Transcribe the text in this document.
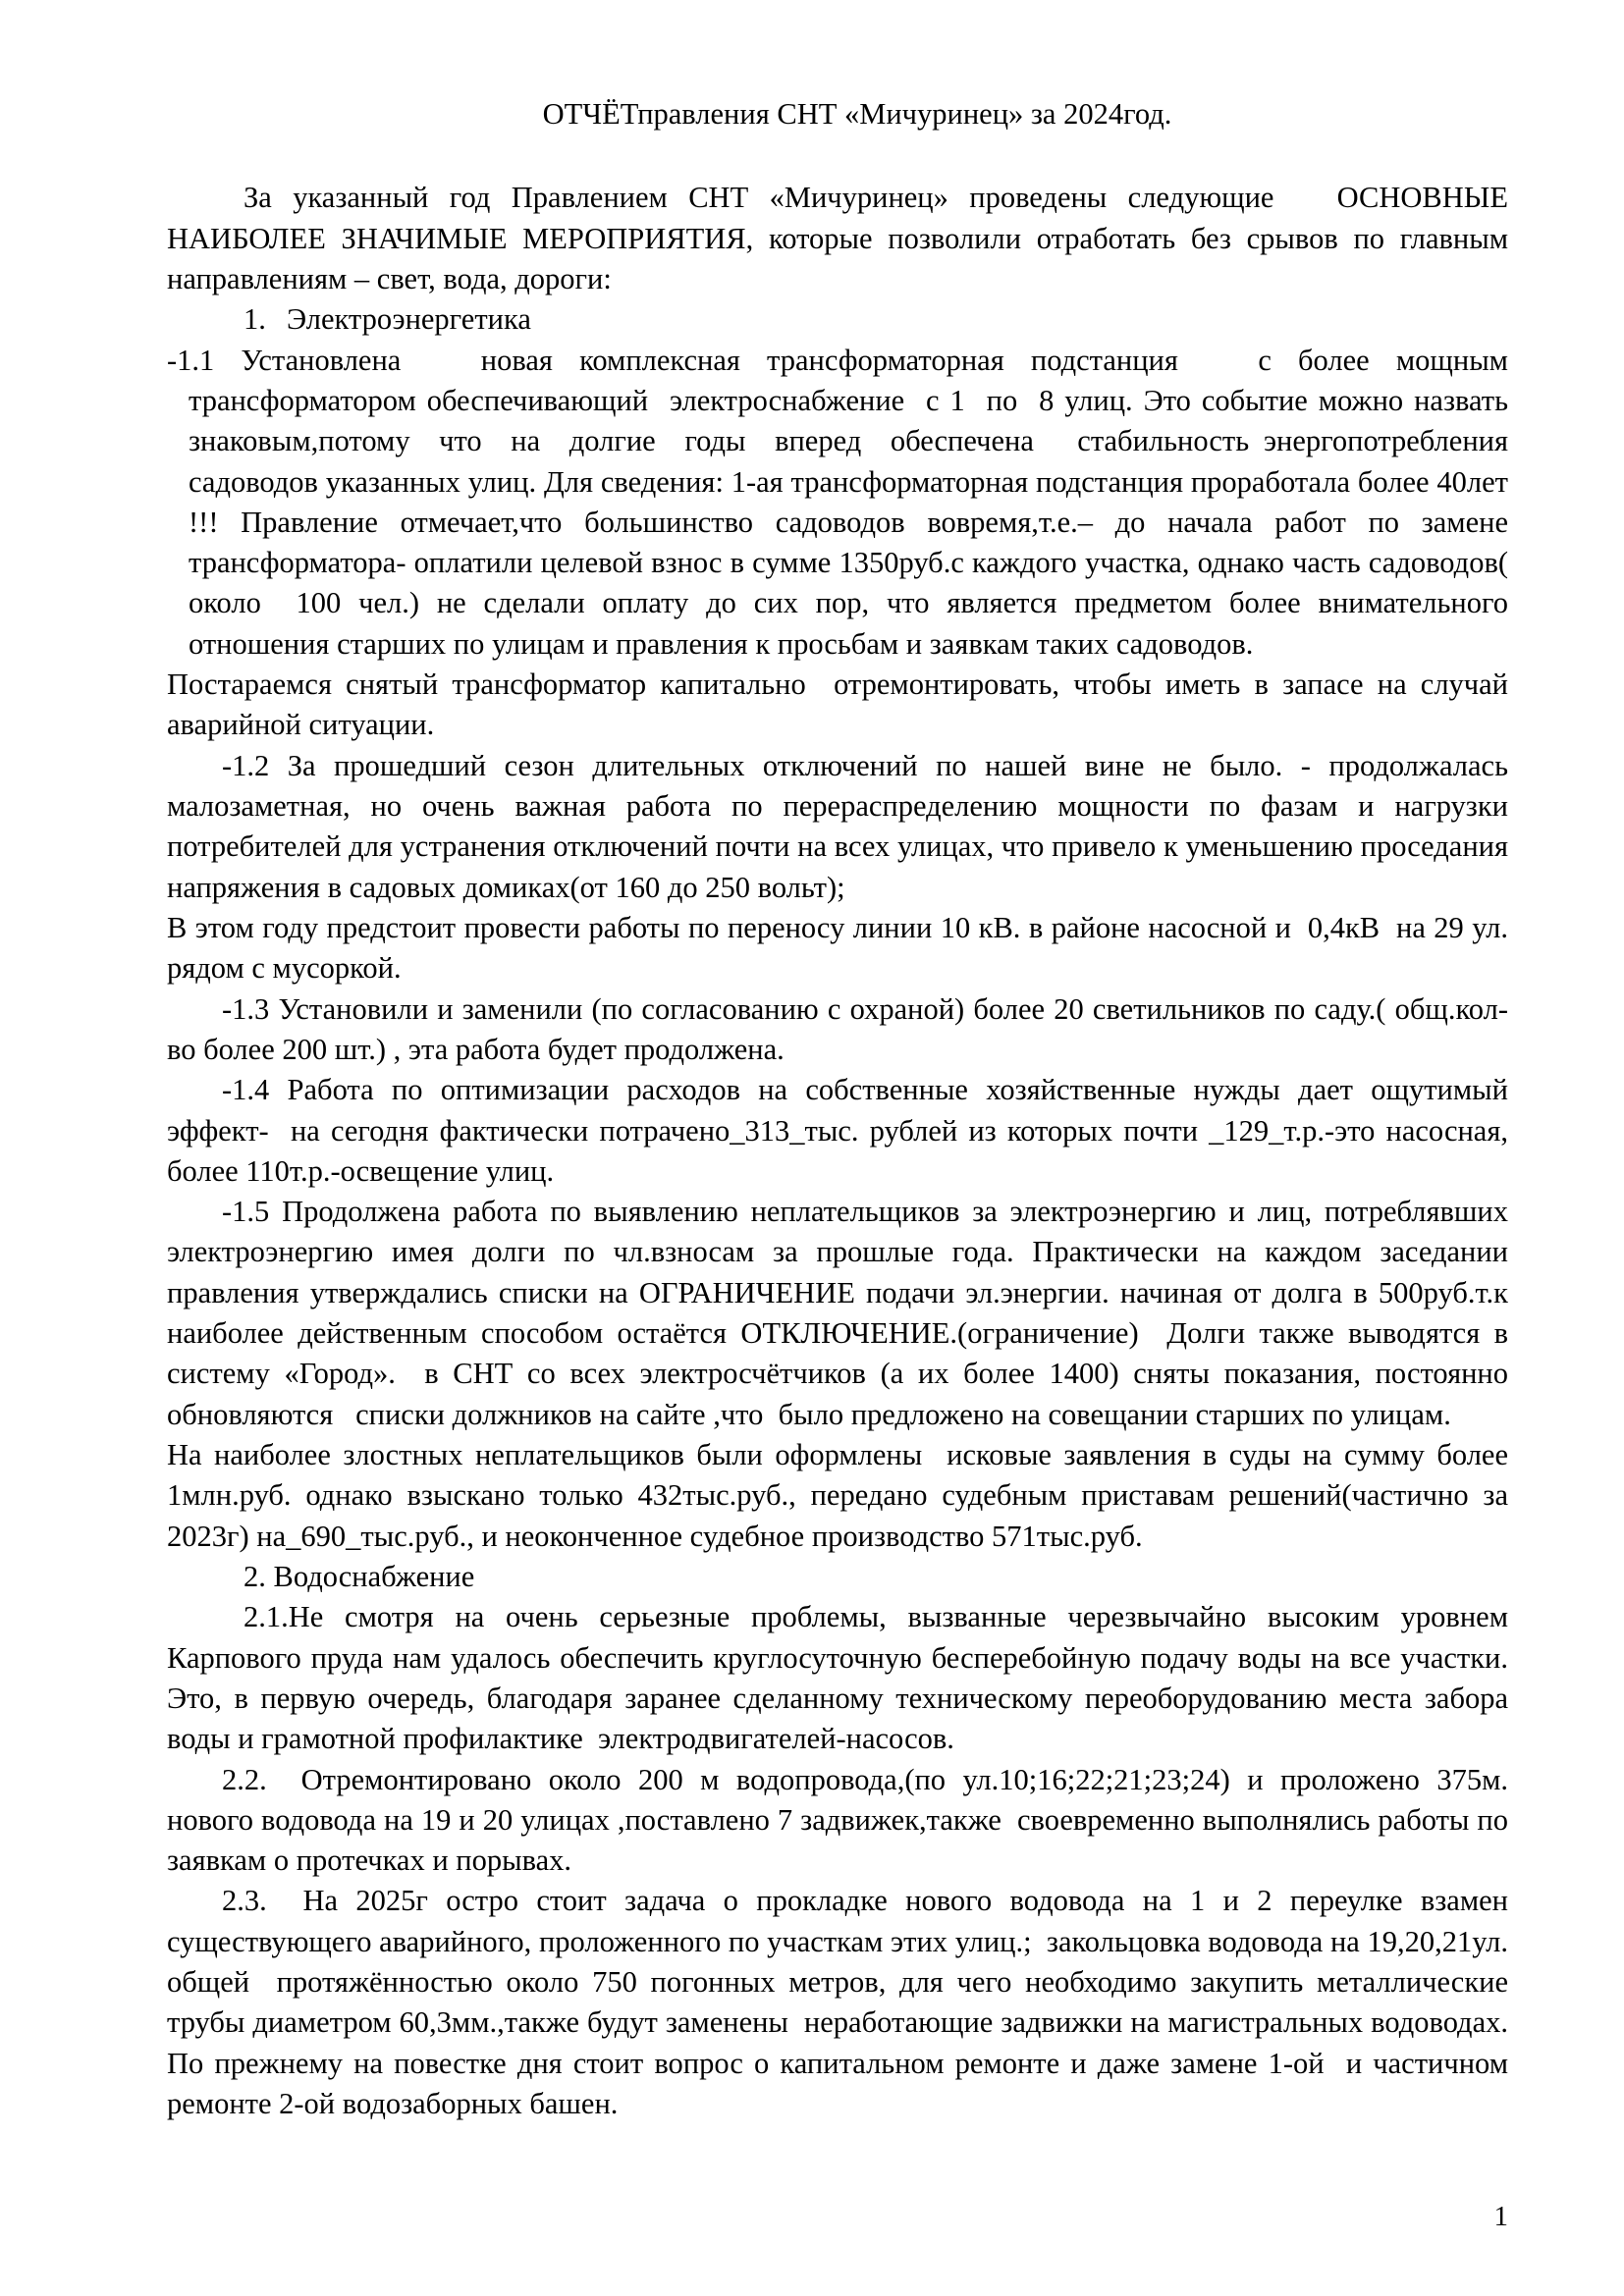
ОТЧЁТправления СНТ «Мичуринец» за 2024год.

За указанный год Правлением СНТ «Мичуринец» проведены следующие   ОСНОВНЫЕ НАИБОЛЕЕ ЗНАЧИМЫЕ МЕРОПРИЯТИЯ, которые позволили отработать без срывов по главным направлениям – свет, вода, дороги:

1.	Электроэнергетика

-1.1 Установлена   новая комплексная трансформаторная подстанция   с более мощным трансформатором обеспечивающий  электроснабжение  с 1  по  8 улиц. Это событие можно назвать  знаковым,потому  что  на  долгие  годы  вперед  обеспечена   стабильность энергопотребления садоводов указанных улиц. Для сведения: 1-ая трансформаторная подстанция проработала более 40лет !!! Правление отмечает,что большинство садоводов вовремя,т.е.– до начала работ по замене  трансформатора- оплатили целевой взнос в сумме 1350руб.с каждого участка, однако часть садоводов( около  100 чел.) не сделали оплату до сих пор, что является предметом более внимательного отношения старших по улицам и правления к просьбам и заявкам таких садоводов.

Постараемся снятый трансформатор капитально  отремонтировать, чтобы иметь в запасе на случай аварийной ситуации.

-1.2 За прошедший сезон длительных отключений по нашей вине не было. - продолжалась малозаметная, но очень важная работа по перераспределению мощности по фазам и нагрузки потребителей для устранения отключений почти на всех улицах, что привело к уменьшению проседания напряжения в садовых домиках(от 160 до 250 вольт);

В этом году предстоит провести работы по переносу линии 10 кВ. в районе насосной и  0,4кВ  на 29 ул. рядом с мусоркой.

-1.3 Установили и заменили (по согласованию с охраной) более 20 светильников по саду.( общ.кол-во более 200 шт.) , эта работа будет продолжена.

-1.4 Работа по оптимизации расходов на собственные хозяйственные нужды дает ощутимый эффект-  на сегодня фактически потрачено_313_тыс. рублей из которых почти _129_т.р.-это насосная,  более 110т.р.-освещение улиц.

-1.5 Продолжена работа по выявлению неплательщиков за электроэнергию и лиц, потреблявших электроэнергию имея долги по чл.взносам за прошлые года. Практически на каждом заседании правления утверждались списки на ОГРАНИЧЕНИЕ подачи эл.энергии. начиная от долга в 500руб.т.к наиболее действенным способом остаётся ОТКЛЮЧЕНИЕ.(ограничение)  Долги также выводятся в систему «Город».  в СНТ со всех электросчётчиков (а их более 1400) сняты показания, постоянно обновляются   списки должников на сайте ,что  было предложено на совещании старших по улицам.

На наиболее злостных неплательщиков были оформлены  исковые заявления в суды на сумму более 1млн.руб. однако взыскано только 432тыс.руб., передано судебным приставам решений(частично за 2023г) на_690_тыс.руб., и неоконченное судебное производство 571тыс.руб.

2. Водоснабжение

2.1.Не смотря на очень серьезные проблемы, вызванные черезвычайно высоким уровнем Карпового пруда нам удалось обеспечить круглосуточную бесперебойную подачу воды на все участки. Это, в первую очередь, благодаря заранее сделанному техническому переоборудованию места забора воды и грамотной профилактике  электродвигателей-насосов.

2.2.  Отремонтировано около 200 м водопровода,(по ул.10;16;22;21;23;24) и проложено 375м.  нового водовода на 19 и 20 улицах ,поставлено 7 задвижек,также  своевременно выполнялись работы по заявкам о протечках и порывах.

2.3.  На 2025г остро стоит задача о прокладке нового водовода на 1 и 2 переулке взамен существующего аварийного, проложенного по участкам этих улиц.;  закольцовка водовода на 19,20,21ул. общей  протяжённостью около 750 погонных метров, для чего необходимо закупить металлические трубы диаметром 60,3мм.,также будут заменены  неработающие задвижки на магистральных водоводах. По прежнему на повестке дня стоит вопрос о капитальном ремонте и даже замене 1-ой  и частичном ремонте 2-ой водозаборных башен.

1
